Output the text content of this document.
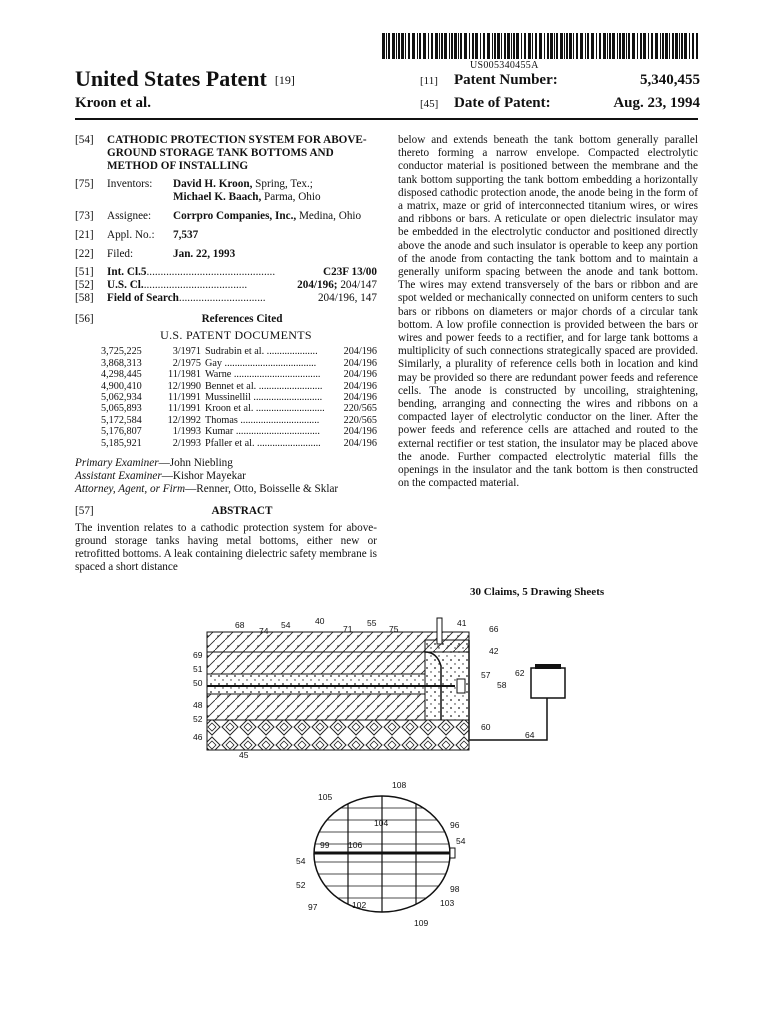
US005340455A
United States Patent [19]
Kroon et al.
[11] Patent Number:	5,340,455
[45] Date of Patent:	Aug. 23, 1994
[54]	CATHODIC PROTECTION SYSTEM FOR ABOVE-GROUND STORAGE TANK BOTTOMS AND METHOD OF INSTALLING
[75]	Inventors:	David H. Kroon, Spring, Tex.;
Michael K. Baach, Parma, Ohio
[73]	Assignee:	Corrpro Companies, Inc., Medina, Ohio
[21]	Appl. No.:	7,537
[22]	Filed:	Jan. 22, 1993
[51]	Int. Cl.5 ..............................................	C23F 13/00
[52]	U.S. Cl. .....................................	204/196; 204/147
[58]	Field of Search ...............................	204/196, 147
[56]	References Cited
U.S. PATENT DOCUMENTS
3,725,225	3/1971 Sudrabin et al. ....................	204/196
3,868,313	2/1975 Gay ....................................	204/196
4,298,445	11/1981 Warne ..................................	204/196
4,900,410	12/1990 Bennet et al. .........................	204/196
5,062,934	11/1991 Mussinellil ...........................	204/196
5,065,893	11/1991 Kroon et al. ...........................	220/565
5,172,584	12/1992 Thomas ...............................	220/565
5,176,807	1/1993 Kumar .................................	204/196
5,185,921	2/1993 Pfaller et al. .........................	204/196
Primary Examiner—John Niebling
Assistant Examiner—Kishor Mayekar
Attorney, Agent, or Firm—Renner, Otto, Boisselle & Sklar
[57]	ABSTRACT
The invention relates to a cathodic protection system for above-ground storage tanks having metal bottoms, either new or retrofitted bottoms. A leak containing dielectric safety membrane is spaced a short distance
below and extends beneath the tank bottom generally parallel thereto forming a narrow envelope. Compacted electrolytic conductor material is positioned between the membrane and the tank bottom supporting the tank bottom embedding a horizontally disposed cathodic protection anode, the anode being in the form of a matrix, maze or grid of interconnected titanium wires, or wires and ribbons or bars. A reticulate or open dielectric insulator may be embedded in the electrolytic conductor and positioned directly above the anode and such insulator is operable to keep any portion of the anode from contacting the tank bottom and to maintain a generally uniform spacing between the anode and tank bottom. The wires may extend transversely of the bars or ribbon and are spot welded or mechanically connected on uniform centers to such bars or ribbons on diameters or major chords of a circular tank bottom. A low profile connection is provided between the bars or wires and power feeds to a rectifier, and for large tank bottoms a multiplicity of such connections strategically spaced are provided. Similarly, a plurality of reference cells both in location and kind may be provided so there are redundant power feeds and reference cells. The anode is constructed by uncoiling, straightening, bending, arranging and connecting the wires and ribbons on a compacted layer of electrolytic conductor on the liner. After the power feeds and reference cells are attached and routed to the external rectifier or test station, the insulator may be placed above the anode. Further compacted electrolytic material fills the openings in the insulator and the tank bottom is then constructed on the compacted material.
30 Claims, 5 Drawing Sheets
68
74
54	40
71
55
75
41
66
42
69
51
50
57
58
62
48
52
60
64
46
45
108
105
104	96
99 106	54
54
52	98
97	102	103
109
